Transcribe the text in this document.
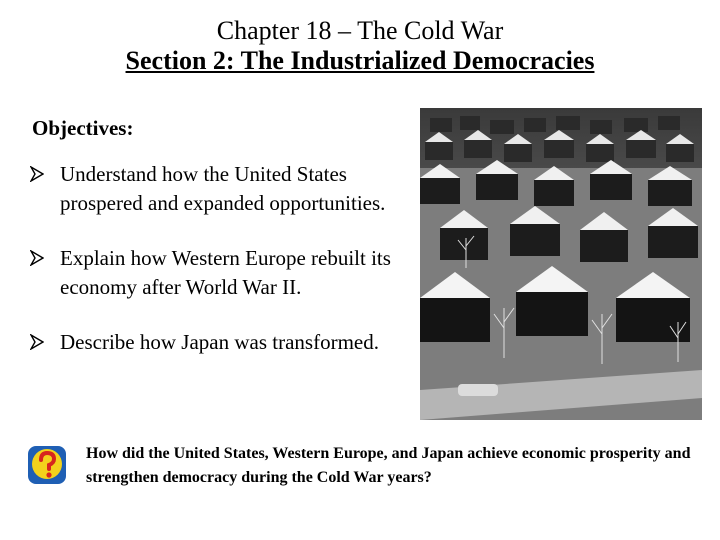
Chapter 18 – The Cold War
Section 2: The Industrialized Democracies
Objectives:
Understand how the United States prospered and expanded opportunities.
Explain how Western Europe rebuilt its economy after World War II.
Describe how Japan was transformed.
How did the United States, Western Europe, and Japan achieve economic prosperity and strengthen democracy during the Cold War years?
